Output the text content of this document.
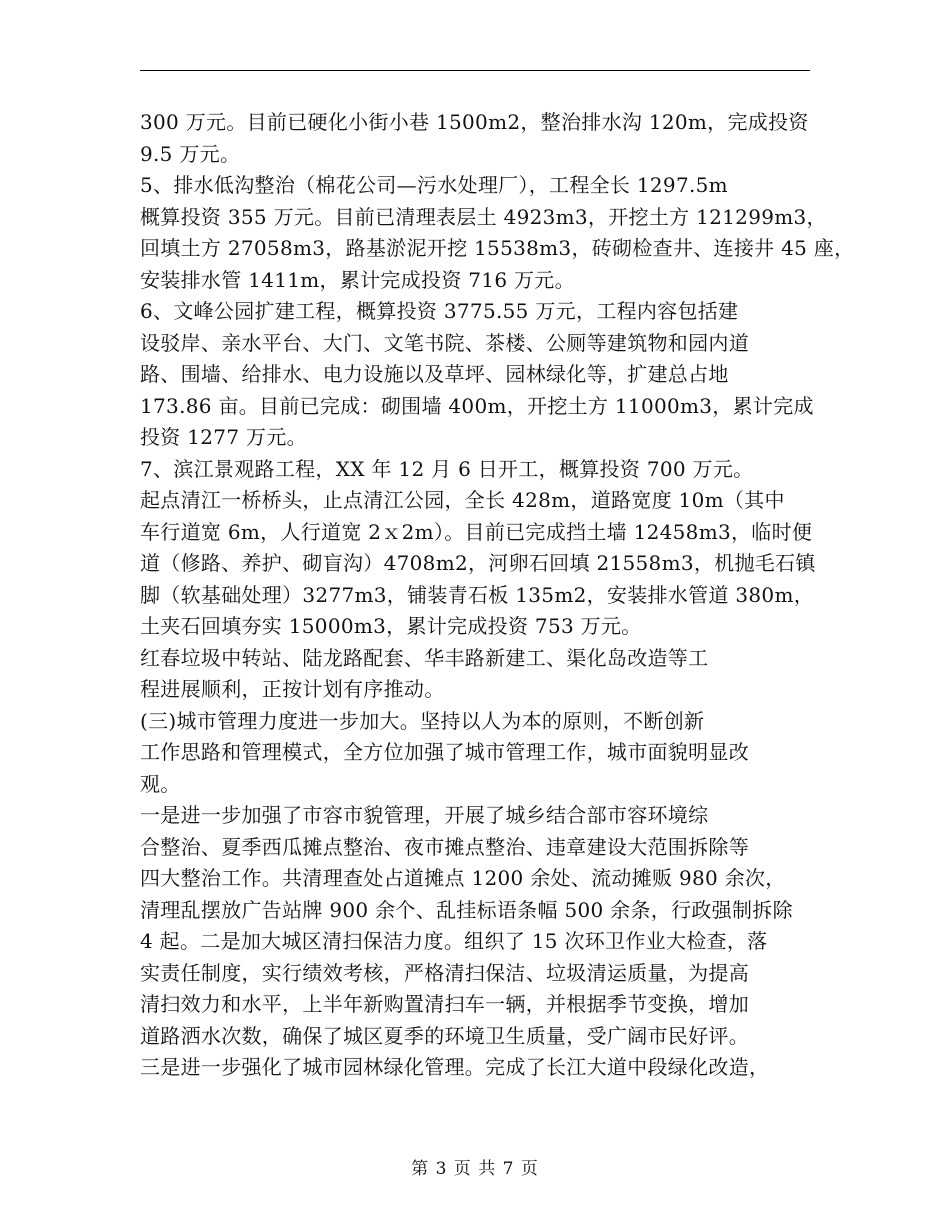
300 万元。目前已硬化小街小巷 1500m2，整治排水沟 120m，完成投资
9.5 万元。
5、排水低沟整治（棉花公司—污水处理厂），工程全长 1297.5m
概算投资 355 万元。目前已清理表层土 4923m3，开挖土方 121299m3，
回填土方 27058m3，路基淤泥开挖 15538m3，砖砌检查井、连接井 45 座，
安装排水管 1411m，累计完成投资 716 万元。
6、文峰公园扩建工程，概算投资 3775.55 万元，工程内容包括建
设驳岸、亲水平台、大门、文笔书院、茶楼、公厕等建筑物和园内道
路、围墙、给排水、电力设施以及草坪、园林绿化等，扩建总占地
173.86 亩。目前已完成：砌围墙 400m，开挖土方 11000m3，累计完成
投资 1277 万元。
7、滨江景观路工程，XX 年 12 月 6 日开工，概算投资 700 万元。
起点清江一桥桥头，止点清江公园，全长 428m，道路宽度 10m（其中
车行道宽 6m，人行道宽 2ｘ2m）。目前已完成挡土墙 12458m3，临时便
道（修路、养护、砌盲沟）4708m2，河卵石回填 21558m3，机抛毛石镇
脚（软基础处理）3277m3，铺装青石板 135m2，安装排水管道 380m，
土夹石回填夯实 15000m3，累计完成投资 753 万元。
红春垃圾中转站、陆龙路配套、华丰路新建工、渠化岛改造等工
程进展顺利，正按计划有序推动。
(三)城市管理力度进一步加大。坚持以人为本的原则，不断创新
工作思路和管理模式，全方位加强了城市管理工作，城市面貌明显改
观。
一是进一步加强了市容市貌管理，开展了城乡结合部市容环境综
合整治、夏季西瓜摊点整治、夜市摊点整治、违章建设大范围拆除等
四大整治工作。共清理查处占道摊点 1200 余处、流动摊贩 980 余次，
清理乱摆放广告站牌 900 余个、乱挂标语条幅 500 余条，行政强制拆除
4 起。二是加大城区清扫保洁力度。组织了 15 次环卫作业大检查，落
实责任制度，实行绩效考核，严格清扫保洁、垃圾清运质量，为提高
清扫效力和水平，上半年新购置清扫车一辆，并根据季节变换，增加
道路洒水次数，确保了城区夏季的环境卫生质量，受广阔市民好评。
三是进一步强化了城市园林绿化管理。完成了长江大道中段绿化改造，
第 3 页 共 7 页
